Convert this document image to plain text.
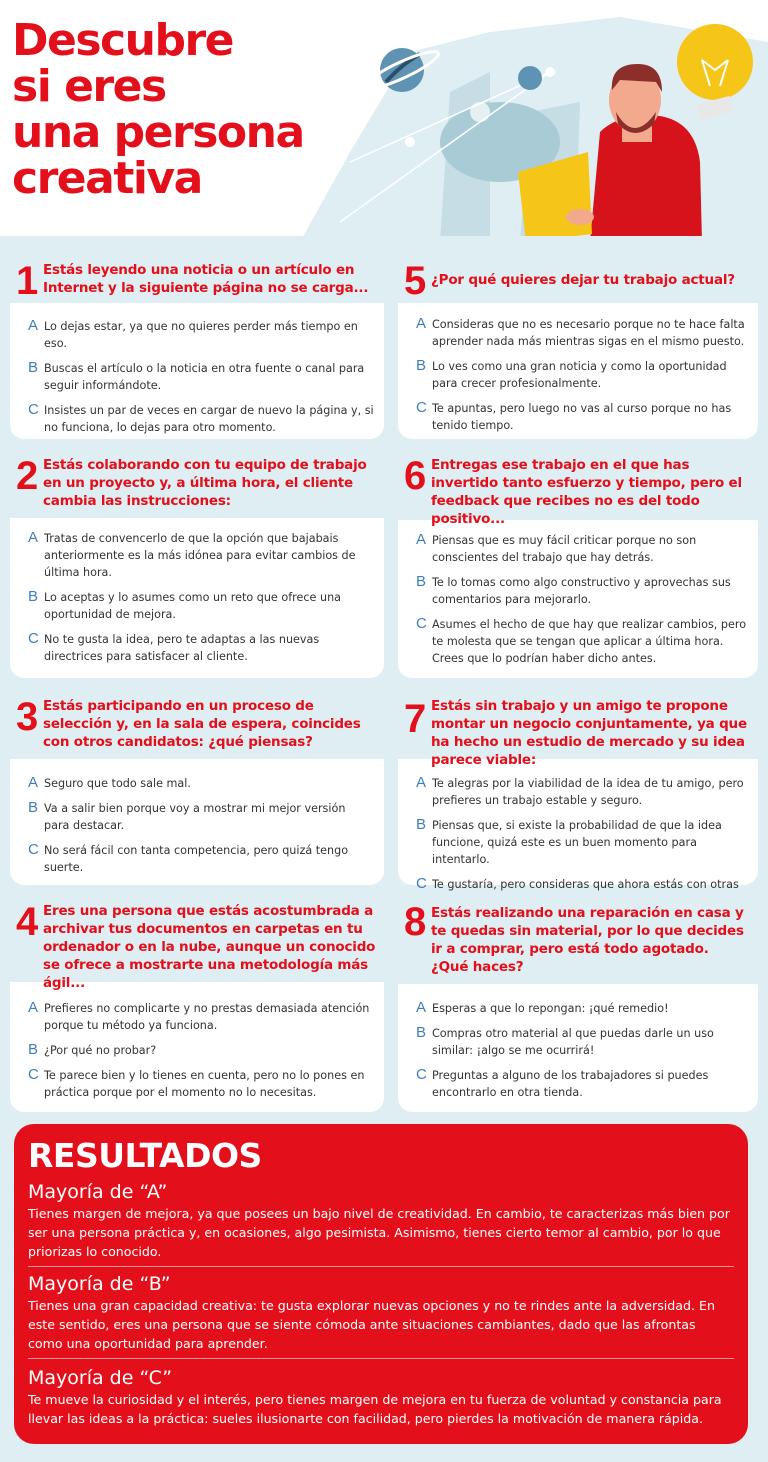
Descubre
si eres
una persona
creativa
1 Estás leyendo una noticia o un artículo en Internet y la siguiente página no se carga...
A Lo dejas estar, ya que no quieres perder más tiempo en eso.
B Buscas el artículo o la noticia en otra fuente o canal para seguir informándote.
C Insistes un par de veces en cargar de nuevo la página y, si no funciona, lo dejas para otro momento.
2 Estás colaborando con tu equipo de trabajo en un proyecto y, a última hora, el cliente cambia las instrucciones:
A Tratas de convencerlo de que la opción que bajabais anteriormente es la más idónea para evitar cambios de última hora.
B Lo aceptas y lo asumes como un reto que ofrece una oportunidad de mejora.
C No te gusta la idea, pero te adaptas a las nuevas directrices para satisfacer al cliente.
3 Estás participando en un proceso de selección y, en la sala de espera, coincides con otros candidatos: ¿qué piensas?
A Seguro que todo sale mal.
B Va a salir bien porque voy a mostrar mi mejor versión para destacar.
C No será fácil con tanta competencia, pero quizá tengo suerte.
4 Eres una persona que estás acostumbrada a archivar tus documentos en carpetas en tu ordenador o en la nube, aunque un conocido se ofrece a mostrarte una metodología más ágil...
A Prefieres no complicarte y no prestas demasiada atención porque tu método ya funciona.
B ¿Por qué no probar?
C Te parece bien y lo tienes en cuenta, pero no lo pones en práctica porque por el momento no lo necesitas.
5 ¿Por qué quieres dejar tu trabajo actual?
A Consideras que no es necesario porque no te hace falta aprender nada más mientras sigas en el mismo puesto.
B Lo ves como una gran noticia y como la oportunidad para crecer profesionalmente.
C Te apuntas, pero luego no vas al curso porque no has tenido tiempo.
6 Entregas ese trabajo en el que has invertido tanto esfuerzo y tiempo, pero el feedback que recibes no es del todo positivo...
A Piensas que es muy fácil criticar porque no son conscientes del trabajo que hay detrás.
B Te lo tomas como algo constructivo y aprovechas sus comentarios para mejorarlo.
C Asumes el hecho de que hay que realizar cambios, pero te molesta que se tengan que aplicar a última hora. Crees que lo podrían haber dicho antes.
7 Estás sin trabajo y un amigo te propone montar un negocio conjuntamente, ya que ha hecho un estudio de mercado y su idea parece viable:
A Te alegras por la viabilidad de la idea de tu amigo, pero prefieres un trabajo estable y seguro.
B Piensas que, si existe la probabilidad de que la idea funcione, quizá este es un buen momento para intentarlo.
C Te gustaría, pero consideras que ahora estás con otras
8 Estás realizando una reparación en casa y te quedas sin material, por lo que decides ir a comprar, pero está todo agotado. ¿Qué haces?
A Esperas a que lo repongan: ¡qué remedio!
B Compras otro material al que puedas darle un uso similar: ¡algo se me ocurrirá!
C Preguntas a alguno de los trabajadores si puedes encontrarlo en otra tienda.
RESULTADOS
Mayoría de “A”
Tienes margen de mejora, ya que posees un bajo nivel de creatividad. En cambio, te caracterizas más bien por ser una persona práctica y, en ocasiones, algo pesimista. Asimismo, tienes cierto temor al cambio, por lo que priorizas lo conocido.
Mayoría de “B”
Tienes una gran capacidad creativa: te gusta explorar nuevas opciones y no te rindes ante la adversidad. En este sentido, eres una persona que se siente cómoda ante situaciones cambiantes, dado que las afrontas como una oportunidad para aprender.
Mayoría de “C”
Te mueve la curiosidad y el interés, pero tienes margen de mejora en tu fuerza de voluntad y constancia para llevar las ideas a la práctica: sueles ilusionarte con facilidad, pero pierdes la motivación de manera rápida.
